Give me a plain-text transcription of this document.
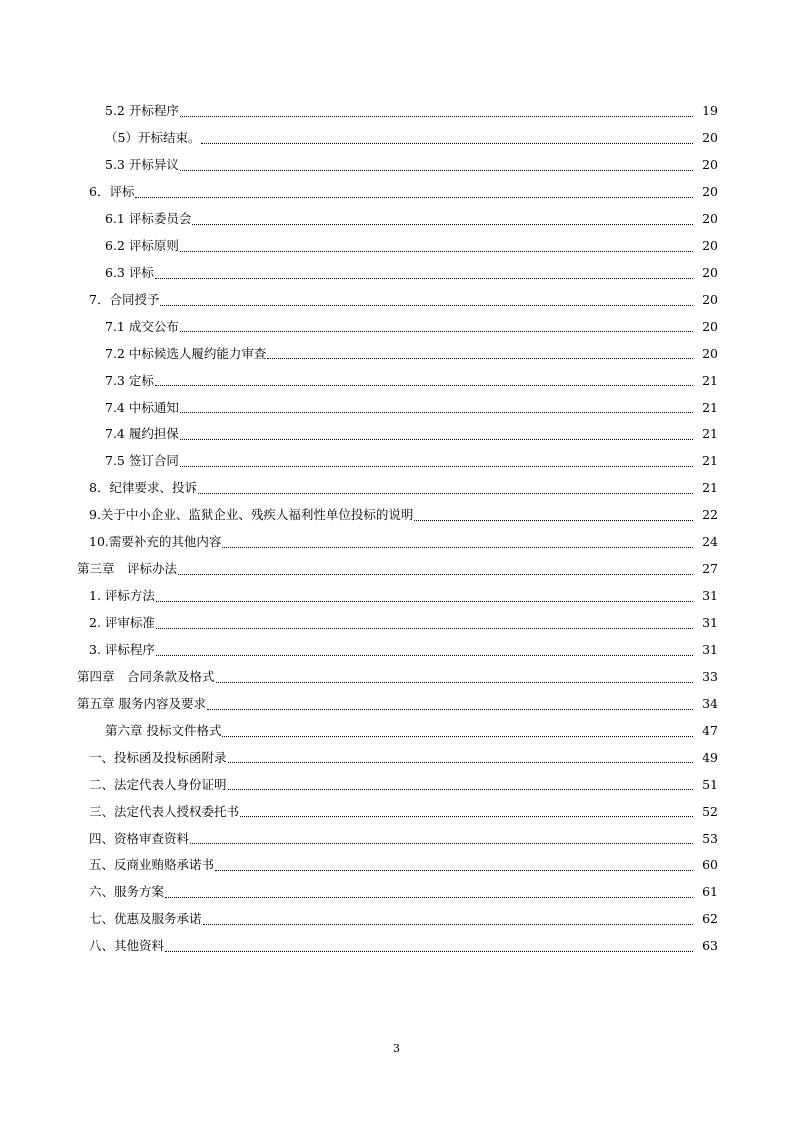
5.2 开标程序	19
（5）开标结束。	20
5.3 开标异议	20
6．评标	20
6.1 评标委员会	20
6.2 评标原则	20
6.3 评标	20
7．合同授予	20
7.1 成交公布	20
7.2 中标候选人履约能力审查	20
7.3 定标	21
7.4 中标通知	21
7.4 履约担保	21
7.5 签订合同	21
8．纪律要求、投诉	21
9.关于中小企业、监狱企业、残疾人福利性单位投标的说明	22
10.需要补充的其他内容	24
第三章　评标办法	27
1. 评标方法	31
2. 评审标准	31
3. 评标程序	31
第四章　合同条款及格式	33
第五章 服务内容及要求	34
第六章 投标文件格式	47
一、投标函及投标函附录	49
二、法定代表人身份证明	51
三、法定代表人授权委托书	52
四、资格审查资料	53
五、反商业贿赂承诺书	60
六、服务方案	61
七、优惠及服务承诺	62
八、其他资料	63
3
